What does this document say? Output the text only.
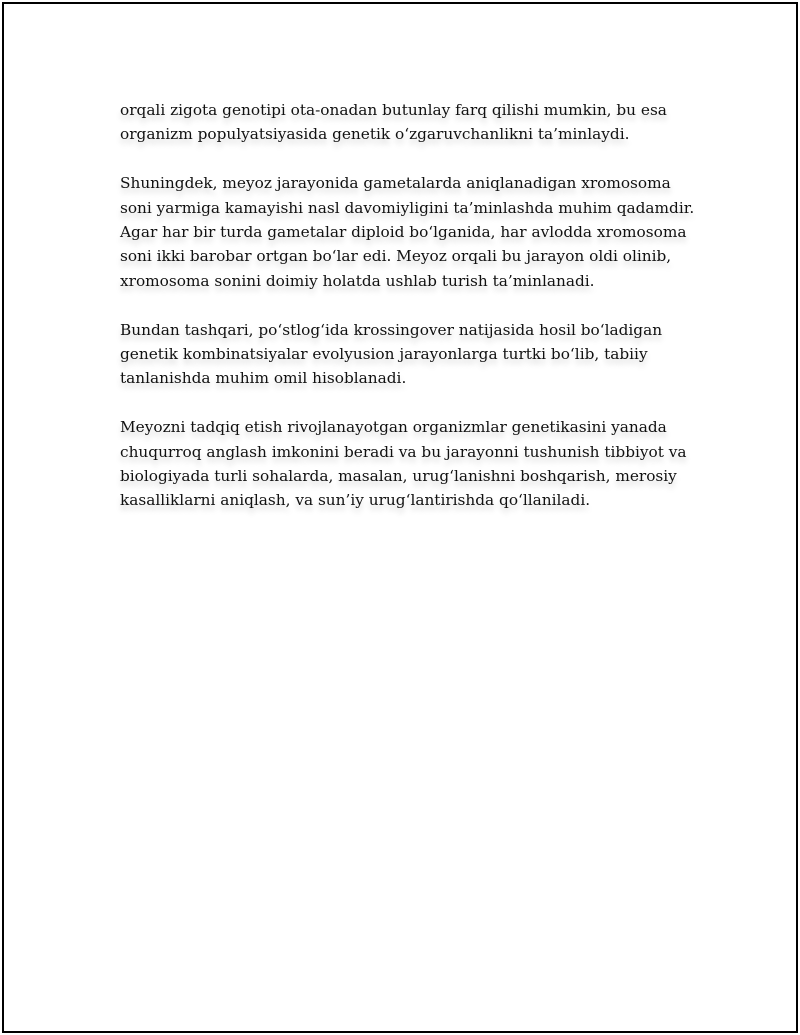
orqali zigota genotipi ota-onadan butunlay farq qilishi mumkin, bu esa organizm populyatsiyasida genetik o‘zgaruvchanlikni ta’minlaydi.

Shuningdek, meyoz jarayonida gametalarda aniqlanadigan xromosoma soni yarmiga kamayishi nasl davomiyligini ta’minlashda muhim qadamdir. Agar har bir turda gametalar diploid bo‘lganida, har avlodda xromosoma soni ikki barobar ortgan bo‘lar edi. Meyoz orqali bu jarayon oldi olinib, xromosoma sonini doimiy holatda ushlab turish ta’minlanadi.

Bundan tashqari, po‘stlog‘ida krossingover natijasida hosil bo‘ladigan genetik kombinatsiyalar evolyusion jarayonlarga turtki bo‘lib, tabiiy tanlanishda muhim omil hisoblanadi.

Meyozni tadqiq etish rivojlanayotgan organizmlar genetikasini yanada chuqurroq anglash imkonini beradi va bu jarayonni tushunish tibbiyot va biologiyada turli sohalarda, masalan, urug‘lanishni boshqarish, merosiy kasalliklarni aniqlash, va sun’iy urug‘lantirishda qo‘llaniladi.
